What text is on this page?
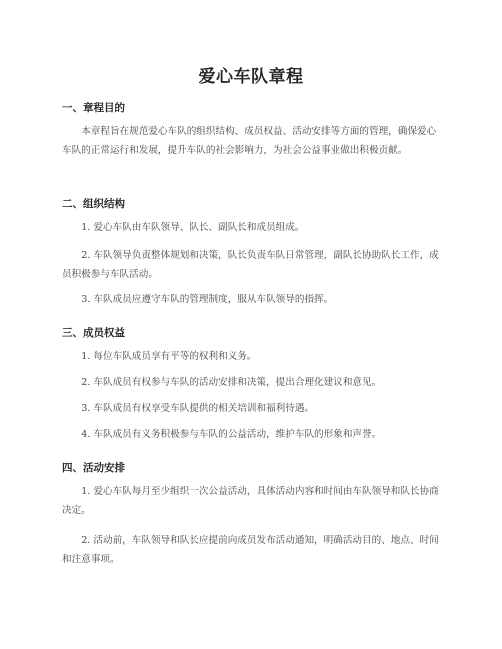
爱心车队章程
一、章程目的

本章程旨在规范爱心车队的组织结构、成员权益、活动安排等方面的管理，确保爱心车队的正常运行和发展，提升车队的社会影响力，为社会公益事业做出积极贡献。

二、组织结构

1. 爱心车队由车队领导、队长、副队长和成员组成。

2. 车队领导负责整体规划和决策，队长负责车队日常管理，副队长协助队长工作，成员积极参与车队活动。

3. 车队成员应遵守车队的管理制度，服从车队领导的指挥。

三、成员权益

1. 每位车队成员享有平等的权利和义务。

2. 车队成员有权参与车队的活动安排和决策，提出合理化建议和意见。

3. 车队成员有权享受车队提供的相关培训和福利待遇。

4. 车队成员有义务积极参与车队的公益活动，维护车队的形象和声誉。

四、活动安排

1. 爱心车队每月至少组织一次公益活动，具体活动内容和时间由车队领导和队长协商决定。

2. 活动前，车队领导和队长应提前向成员发布活动通知，明确活动目的、地点、时间和注意事项。
